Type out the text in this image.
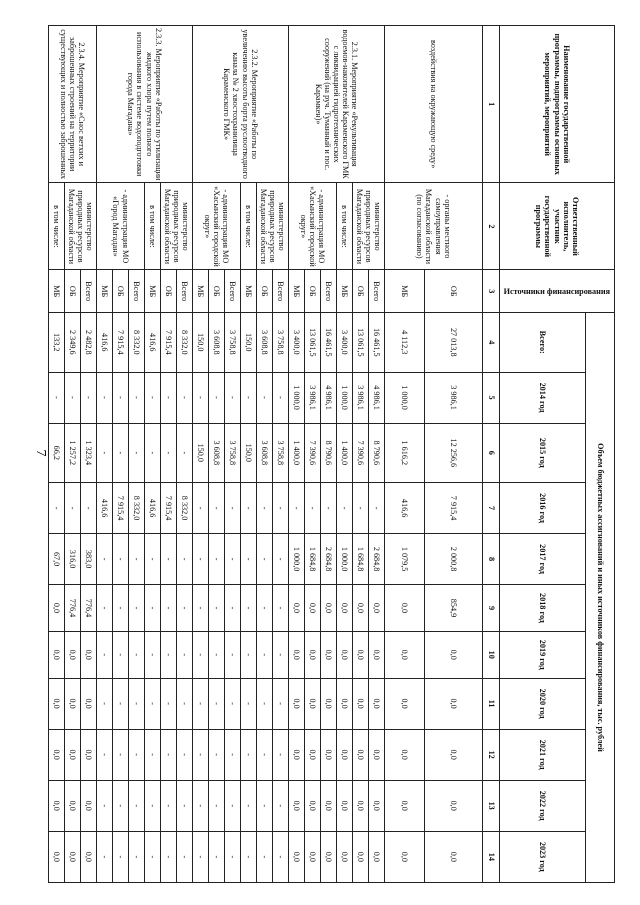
7
Наименование государственной программы, подпрограммы основных мероприятий, мероприятий	Ответственный исполнитель, участник государственной программы	Источники финансирования	Объем бюджетных ассигнований и иных источников финансирования, тыс. рублей										
			Всего:	2014 год	2015 год	2016 год	2017 год	2018 год	2019 год	2020 год	2021 год	2022 год	2023 год
1	2	3	4	5	6	7	8	9	10	11	12	13	14
воздействия на окружающую среду»	- органы местного самоуправления Магаданской области (по согласованию)	ОБ	27 013,8	3 986,1	12 256,6	7 915,4	2 000,8	854,9	0,0	0,0	0,0	0,0	0,0
		МБ	4 112,3	1 000,0	1 616,2	416,6	1 079,5	0,0	0,0	0,0	0,0	0,0	0,0
2.3.1. Мероприятие «Рекультивация водоемов-накопителей Караменского ГМК с ликвидацией гидротехнических сооружений (на руч. Туманный и пос. Карамкен)»	министерство природных ресурсов Магаданской области	Всего	16 461,5	4 986,1	8 790,6	-	2 684,8	0,0	0,0	0,0	0,0	0,0	0,0
		ОБ	13 061,5	3 986,1	7 390,6	-	1 684,8	0,0	0,0	0,0	0,0	0,0	0,0
	в том числе:	МБ	3 400,0	1 000,0	1 400,0	-	1 000,0	0,0	0,0	0,0	0,0	0,0	0,0
	- администрация МО «Хасынский городской округ»	Всего	16 461,5	4 986,1	8 790,6	-	2 684,8	0,0	0,0	0,0	0,0	0,0	0,0
		ОБ	13 061,5	3 986,1	7 390,6	-	1 684,8	0,0	0,0	0,0	0,0	0,0	0,0
		МБ	3 400,0	1 000,0	1 400,0	-	1 000,0	0,0	0,0	0,0	0,0	0,0	0,0
2.3.2. Мероприятие «Работы по увеличению высоты борта руслоотводного канала № 2 хвостохранилища Караменского ГМК»	министерство природных ресурсов Магаданской области	Всего	3 758,8	-	3 758,8	-	-	-	-	-	-	-	-
		ОБ	3 608,8	-	3 608,8	-	-	-	-	-	-	-	-
	в том числе:	МБ	150,0	-	150,0	-	-	-	-	-	-	-	-
	- администрация МО «Хасынский городской округ»	Всего	3 758,8	-	3 758,8	-	-	-	-	-	-	-	-
		ОБ	3 608,8	-	3 608,8	-	-	-	-	-	-	-	-
		МБ	150,0	-	150,0	-	-	-	-	-	-	-	-
2.3.3. Мероприятие «Работы по утилизации жидкого хлора путем полного использования в системе водоподготовки города Магадана»	министерство природных ресурсов Магаданской области	Всего	8 332,0	-	-	8 332,0	-	-	-	-	-	-	-
		ОБ	7 915,4	-	-	7 915,4	-	-	-	-	-	-	-
	в том числе:	МБ	416,6	-	-	416,6	-	-	-	-	-	-	-
	- администрация МО «Город Магадан»	Всего	8 332,0	-	-	8 332,0	-	-	-	-	-	-	-
		ОБ	7 915,4	-	-	7 915,4	-	-	-	-	-	-	-
		МБ	416,6	-	-	416,6	-	-	-	-	-	-	-
2.3.4. Мероприятие «Снос ветхих и заброшенных строений на территории существующих и полностью заброшенных	министерство природных ресурсов Магаданской области	Всего	2 482,8	-	1 323,4	-	383,0	776,4	0,0	0,0	0,0	0,0	0,0
		ОБ	2 349,6	-	1 257,2	-	316,0	776,4	0,0	0,0	0,0	0,0	0,0
	в том числе:	МБ	133,2	-	66,2	-	67,0	0,0	0,0	0,0	0,0	0,0	0,0
